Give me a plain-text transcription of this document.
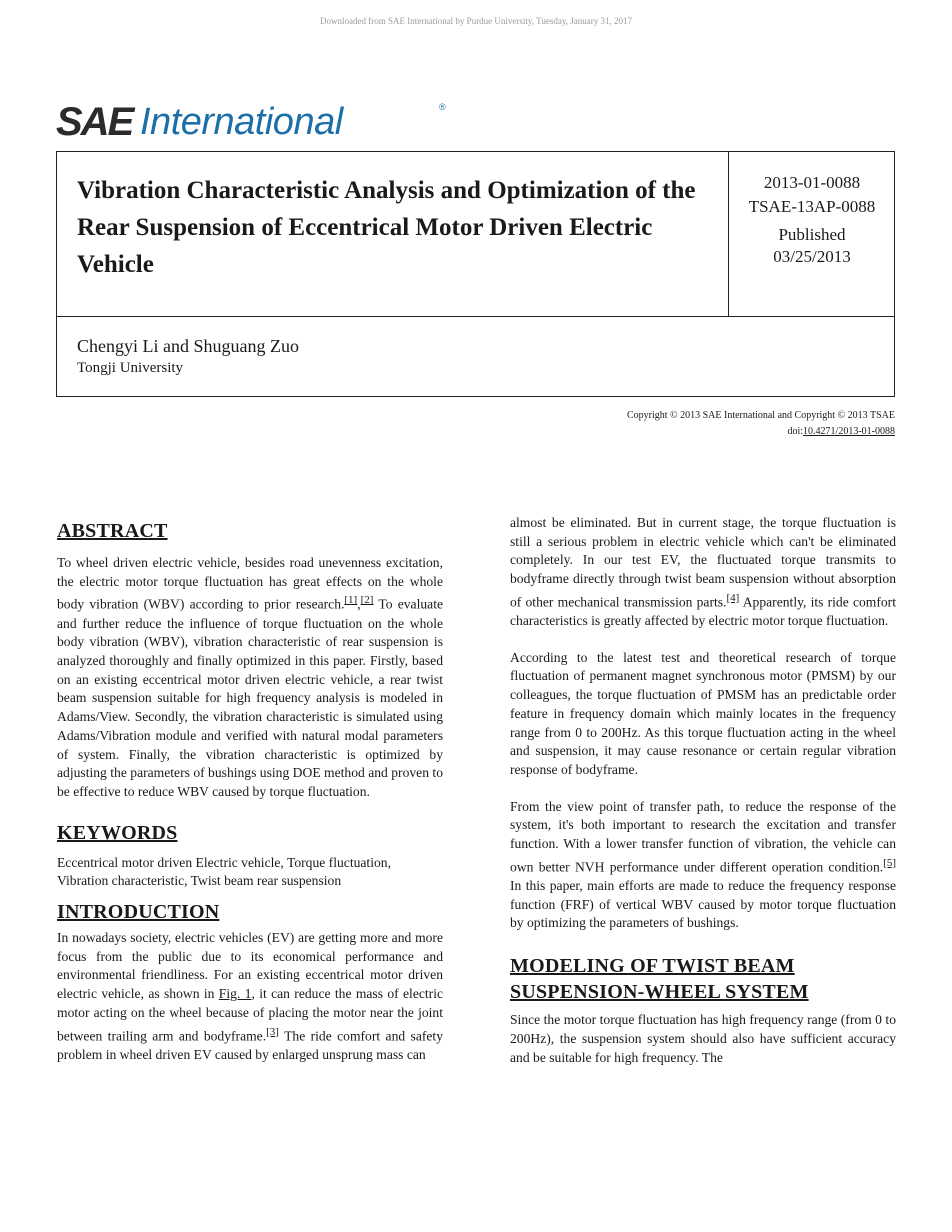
Downloaded from SAE International by Purdue University, Tuesday, January 31, 2017
SAE International	®
Vibration Characteristic Analysis and Optimization of the Rear Suspension of Eccentrical Motor Driven Electric Vehicle
2013-01-0088
TSAE-13AP-0088
Published
03/25/2013
Chengyi Li and Shuguang Zuo
Tongji University
Copyright © 2013 SAE International and Copyright © 2013 TSAE
doi:10.4271/2013-01-0088
ABSTRACT

To wheel driven electric vehicle, besides road unevenness excitation, the electric motor torque fluctuation has great effects on the whole body vibration (WBV) according to prior research.[1],[2] To evaluate and further reduce the influence of torque fluctuation on the whole body vibration (WBV), vibration characteristic of rear suspension is analyzed thoroughly and finally optimized in this paper. Firstly, based on an existing eccentrical motor driven electric vehicle, a rear twist beam suspension suitable for high frequency analysis is modeled in Adams/View. Secondly, the vibration characteristic is simulated using Adams/Vibration module and verified with natural modal parameters of system. Finally, the vibration characteristic is optimized by adjusting the parameters of bushings using DOE method and proven to be effective to reduce WBV caused by torque fluctuation.

KEYWORDS

Eccentrical motor driven Electric vehicle, Torque fluctuation, Vibration characteristic, Twist beam rear suspension

INTRODUCTION

In nowadays society, electric vehicles (EV) are getting more and more focus from the public due to its economical performance and environmental friendliness. For an existing eccentrical motor driven electric vehicle, as shown in Fig. 1, it can reduce the mass of electric motor acting on the wheel because of placing the motor near the joint between trailing arm and bodyframe.[3] The ride comfort and safety problem in wheel driven EV caused by enlarged unsprung mass can

almost be eliminated. But in current stage, the torque fluctuation is still a serious problem in electric vehicle which can't be eliminated completely. In our test EV, the fluctuated torque transmits to bodyframe directly through twist beam suspension without absorption of other mechanical transmission parts.[4] Apparently, its ride comfort characteristics is greatly affected by electric motor torque fluctuation.

According to the latest test and theoretical research of torque fluctuation of permanent magnet synchronous motor (PMSM) by our colleagues, the torque fluctuation of PMSM has an predictable order feature in frequency domain which mainly locates in the frequency range from 0 to 200Hz. As this torque fluctuation acting in the wheel and suspension, it may cause resonance or certain regular vibration response of bodyframe.

From the view point of transfer path, to reduce the response of the system, it's both important to research the excitation and transfer function. With a lower transfer function of vibration, the vehicle can own better NVH performance under different operation condition.[5] In this paper, main efforts are made to reduce the frequency response function (FRF) of vertical WBV caused by motor torque fluctuation by optimizing the parameters of bushings.

MODELING OF TWIST BEAM SUSPENSION-WHEEL SYSTEM

Since the motor torque fluctuation has high frequency range (from 0 to 200Hz), the suspension system should also have sufficient accuracy and be suitable for high frequency. The
